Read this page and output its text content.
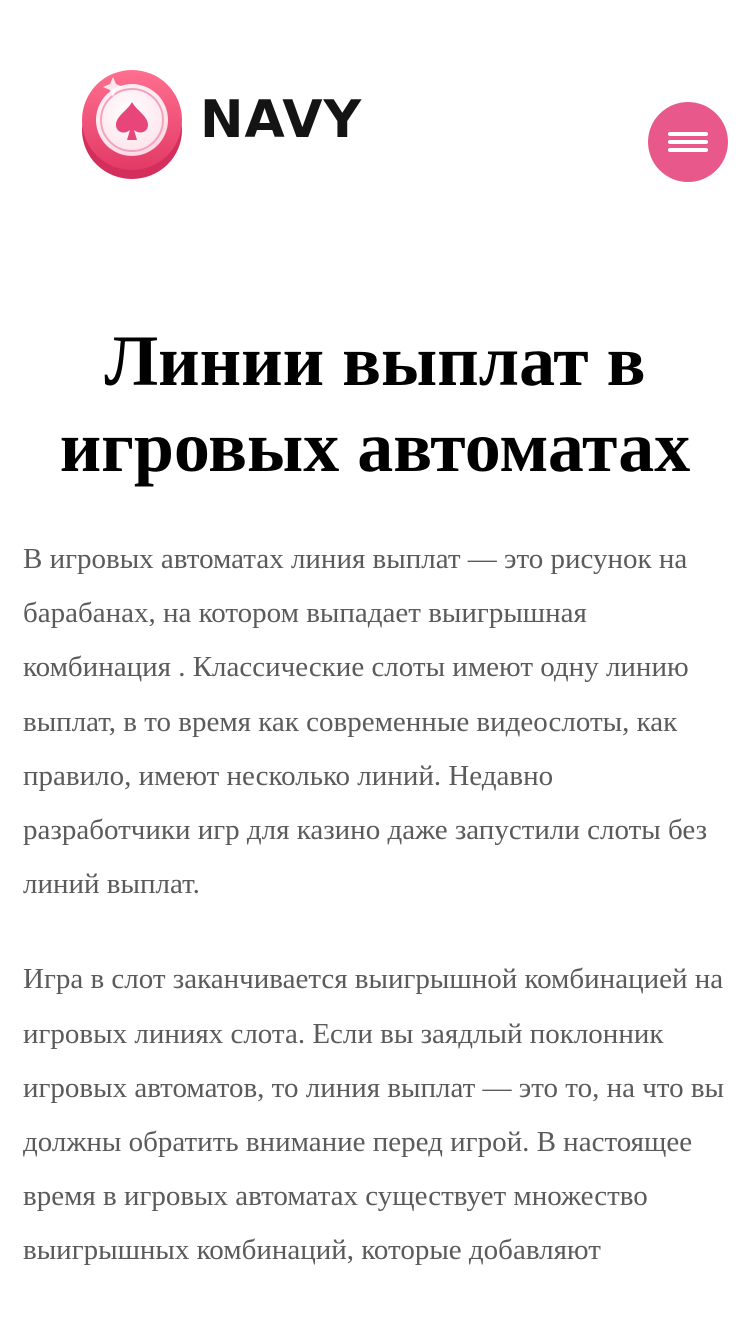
NAVY
Линии выплат в игровых автоматах

В игровых автоматах линия выплат — это рисунок на барабанах, на котором выпадает выигрышная комбинация . Классические слоты имеют одну линию выплат, в то время как современные видеослоты, как правило, имеют несколько линий. Недавно разработчики игр для казино даже запустили слоты без линий выплат.

Игра в слот заканчивается выигрышной комбинацией на игровых линиях слота. Если вы заядлый поклонник игровых автоматов, то линия выплат — это то, на что вы должны обратить внимание перед игрой. В настоящее время в игровых автоматах существует множество выигрышных комбинаций, которые добавляют
